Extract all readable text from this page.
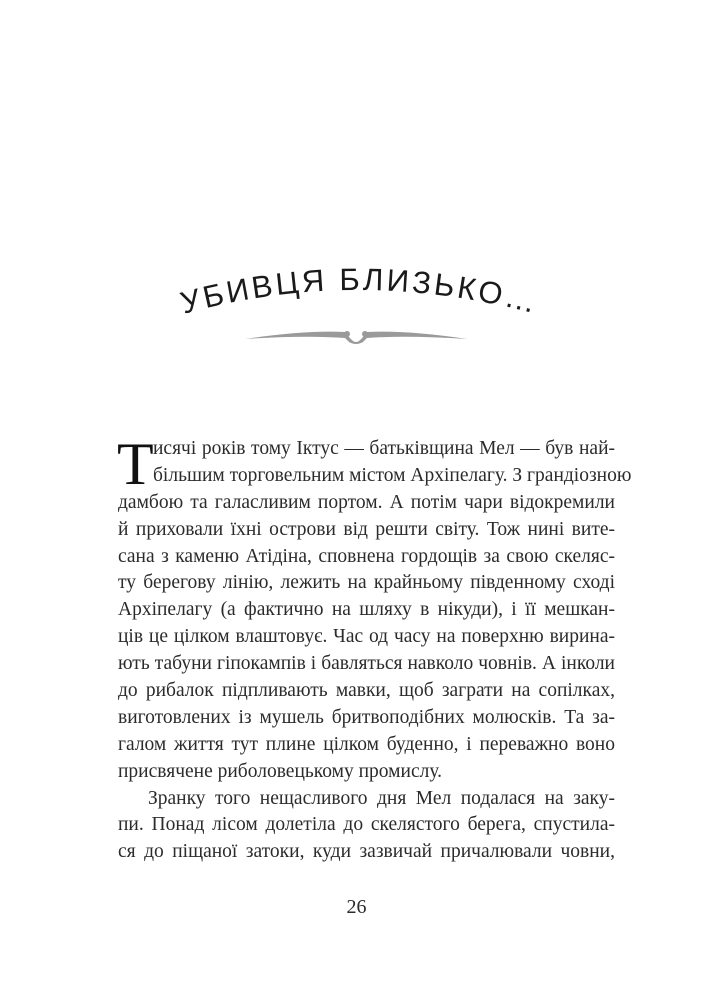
УБИВЦЯ БЛИЗЬКО…
Т исячі років тому Іктус — батьківщина Мел — був най-
більшим торговельним містом Архіпелагу. З грандіозною
дамбою та галасливим портом. А потім чари відокремили
й приховали їхні острови від решти світу. Тож нині вите-
сана з каменю Атідіна, сповнена гордощів за свою скеляс-
ту берегову лінію, лежить на крайньому південному сході
Архіпелагу (а фактично на шляху в нікуди), і її мешкан-
ців це цілком влаштовує. Час од часу на поверхню вирина-
ють табуни гіпокампів і бавляться навколо човнів. А інколи
до рибалок підпливають мавки, щоб заграти на сопілках,
виготовлених із мушель бритвоподібних молюсків. Та за-
галом життя тут плине цілком буденно, і переважно воно
присвячене риболовецькому промислу.
Зранку того нещасливого дня Мел подалася на заку-
пи. Понад лісом долетіла до скелястого берега, спустила-
ся до піщаної затоки, куди зазвичай причалювали човни,
26
